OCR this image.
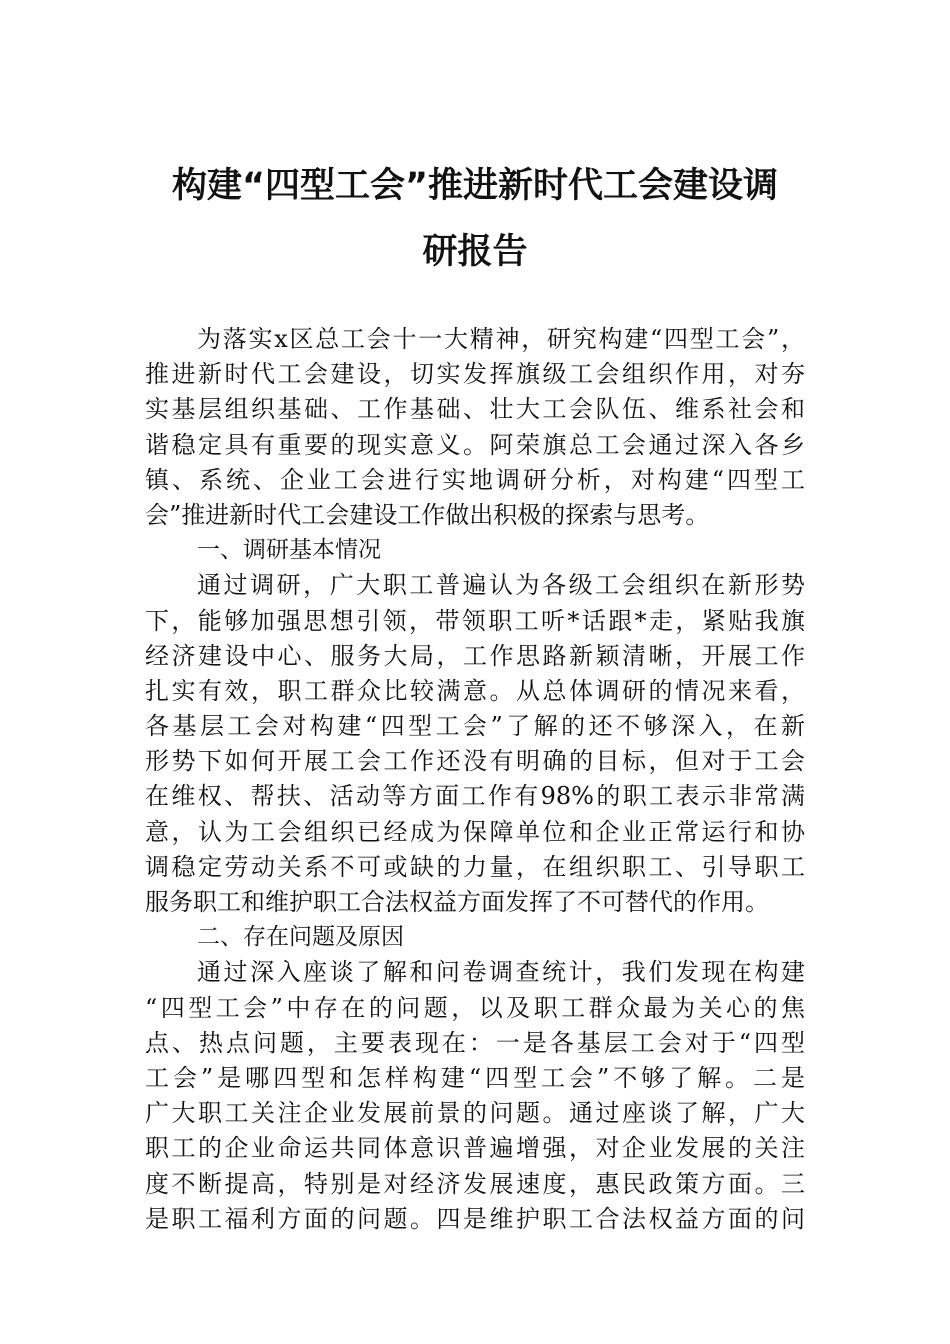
构建“四型工会”推进新时代工会建设调
研报告
为落实x区总工会十一大精神，研究构建“四型工会”，
推进新时代工会建设，切实发挥旗级工会组织作用，对夯
实基层组织基础、工作基础、壮大工会队伍、维系社会和
谐稳定具有重要的现实意义。阿荣旗总工会通过深入各乡
镇、系统、企业工会进行实地调研分析，对构建“四型工
会”推进新时代工会建设工作做出积极的探索与思考。
一、调研基本情况
通过调研，广大职工普遍认为各级工会组织在新形势
下，能够加强思想引领，带领职工听*话跟*走，紧贴我旗
经济建设中心、服务大局，工作思路新颖清晰，开展工作
扎实有效，职工群众比较满意。从总体调研的情况来看，
各基层工会对构建“四型工会”了解的还不够深入，在新
形势下如何开展工会工作还没有明确的目标，但对于工会
在维权、帮扶、活动等方面工作有98%的职工表示非常满
意，认为工会组织已经成为保障单位和企业正常运行和协
调稳定劳动关系不可或缺的力量，在组织职工、引导职工
服务职工和维护职工合法权益方面发挥了不可替代的作用。
二、存在问题及原因
通过深入座谈了解和问卷调查统计，我们发现在构建
“四型工会”中存在的问题，以及职工群众最为关心的焦
点、热点问题，主要表现在：一是各基层工会对于“四型
工会”是哪四型和怎样构建“四型工会”不够了解。二是
广大职工关注企业发展前景的问题。通过座谈了解，广大
职工的企业命运共同体意识普遍增强，对企业发展的关注
度不断提高，特别是对经济发展速度，惠民政策方面。三
是职工福利方面的问题。四是维护职工合法权益方面的问
